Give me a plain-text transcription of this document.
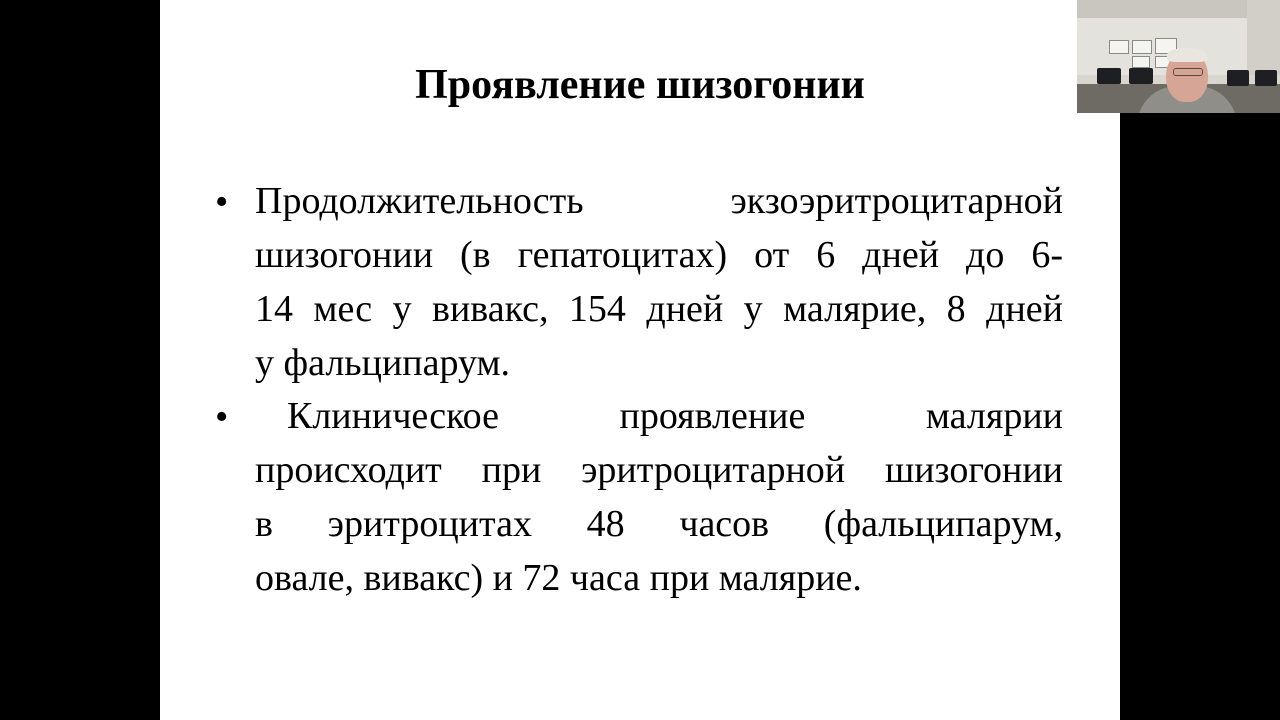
Проявление шизогонии
• Продолжительность экзоэритроцитарной
шизогонии (в гепатоцитах) от 6 дней до 6-
14 мес у вивакс, 154 дней у малярие, 8 дней
у фальципарум.
•	Клиническое проявление малярии
происходит при эритроцитарной шизогонии
в эритроцитах 48 часов (фальципарум,
овале, вивакс) и 72 часа при малярие.
